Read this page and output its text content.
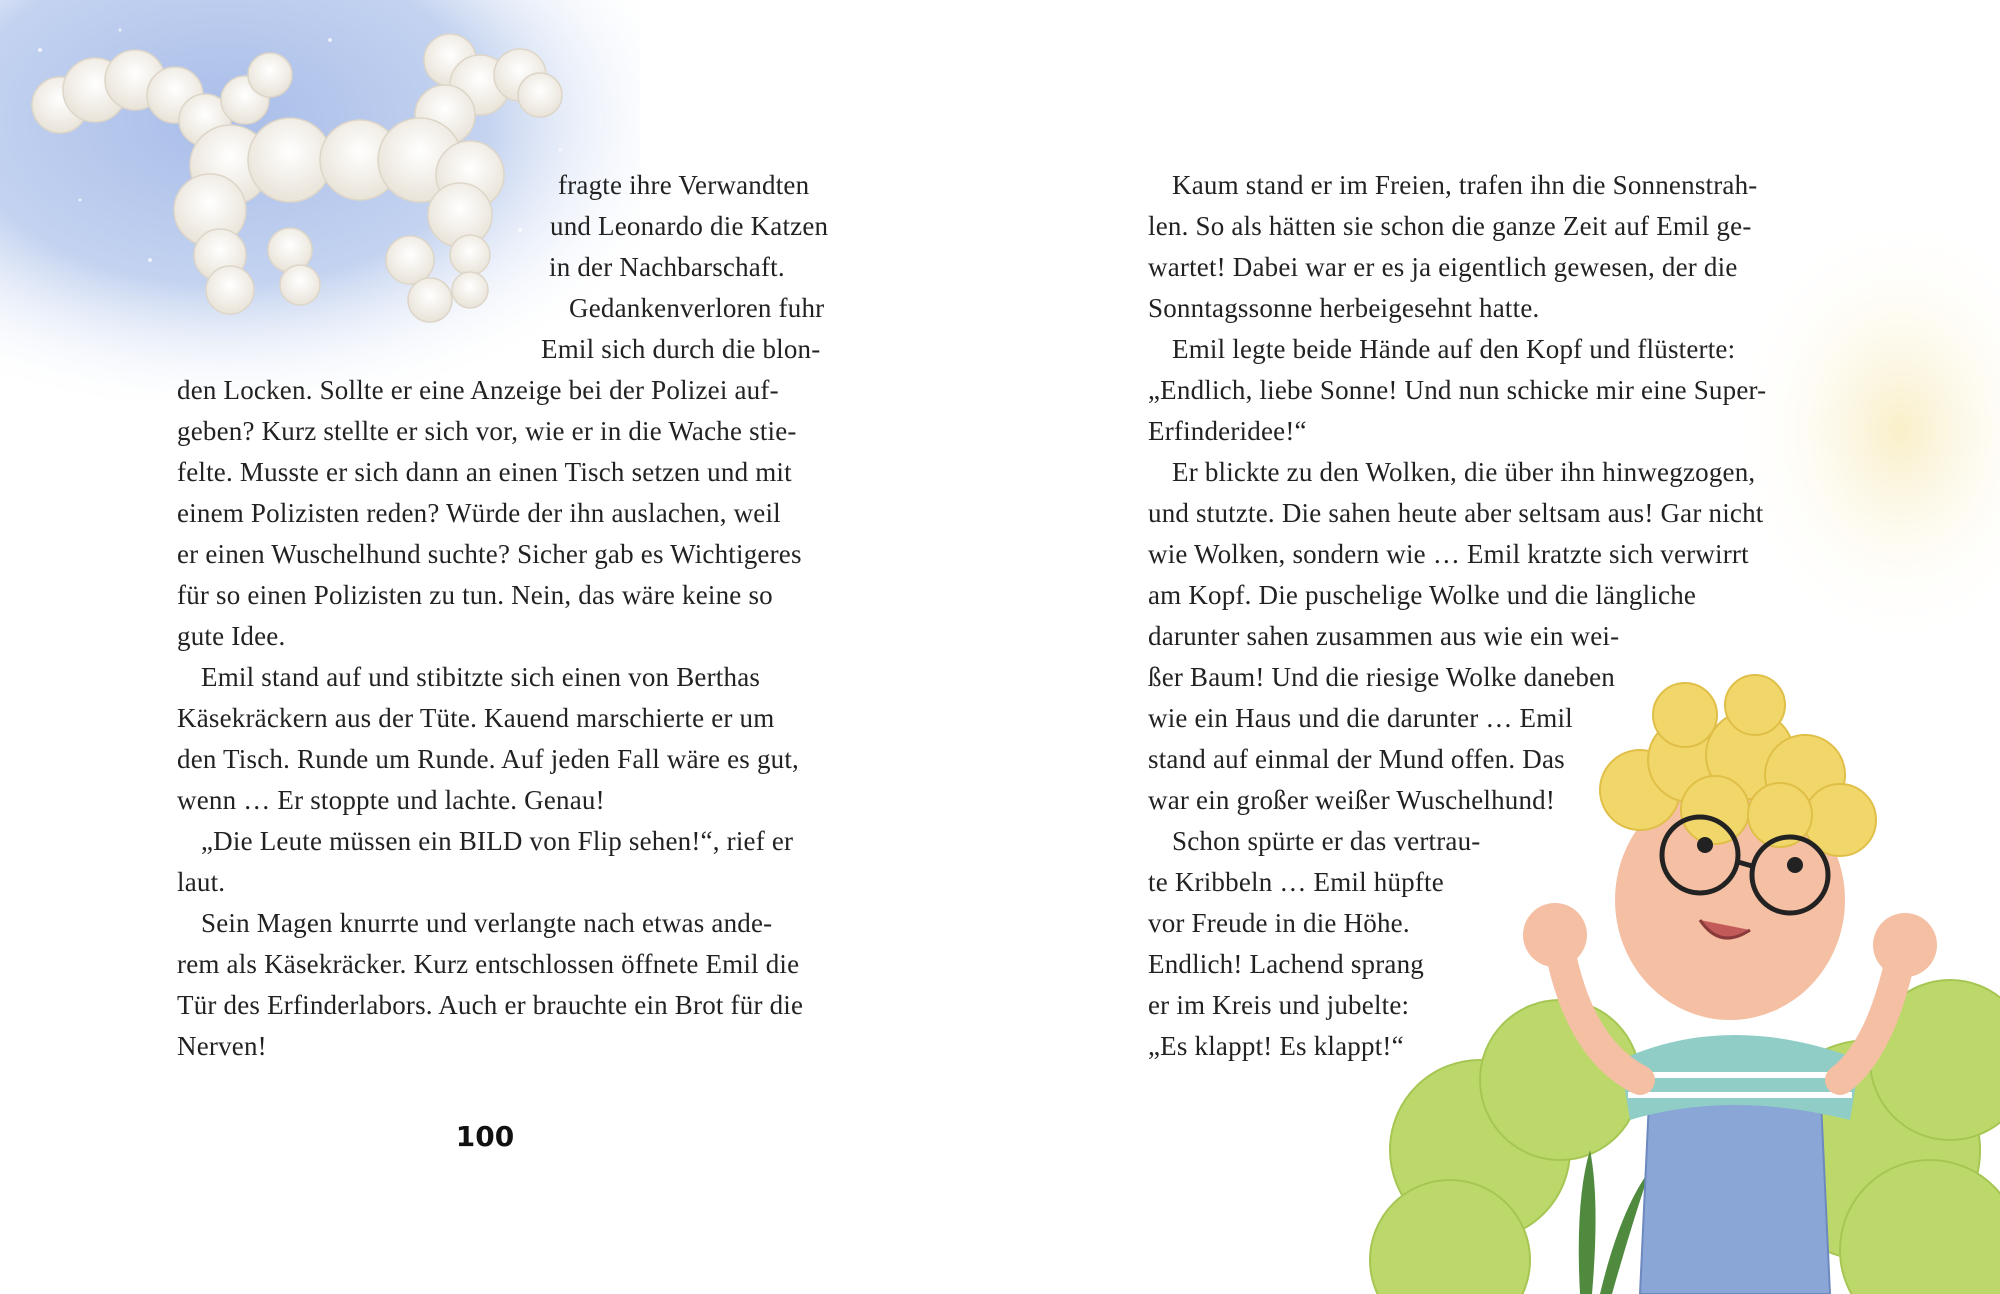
fragte ihre Verwandten
und Leonardo die Katzen
in der Nachbarschaft.
Gedankenverloren fuhr
Emil sich durch die blon-
den Locken. Sollte er eine Anzeige bei der Polizei auf-
geben? Kurz stellte er sich vor, wie er in die Wache stie-
felte. Musste er sich dann an einen Tisch setzen und mit
einem Polizisten reden? Würde der ihn auslachen, weil
er einen Wuschelhund suchte? Sicher gab es Wichtigeres
für so einen Polizisten zu tun. Nein, das wäre keine so
gute Idee.
Emil stand auf und stibitzte sich einen von Berthas
Käsekräckern aus der Tüte. Kauend marschierte er um
den Tisch. Runde um Runde. Auf jeden Fall wäre es gut,
wenn … Er stoppte und lachte. Genau!
„Die Leute müssen ein BILD von Flip sehen!“, rief er
laut.
Sein Magen knurrte und verlangte nach etwas ande-
rem als Käsekräcker. Kurz entschlossen öffnete Emil die
Tür des Erfinderlabors. Auch er brauchte ein Brot für die
Nerven!
100
Kaum stand er im Freien, trafen ihn die Sonnenstrah-
len. So als hätten sie schon die ganze Zeit auf Emil ge-
wartet! Dabei war er es ja eigentlich gewesen, der die
Sonntagssonne herbeigesehnt hatte.
Emil legte beide Hände auf den Kopf und flüsterte:
„Endlich, liebe Sonne! Und nun schicke mir eine Super-
Erfinderidee!“
Er blickte zu den Wolken, die über ihn hinwegzogen,
und stutzte. Die sahen heute aber seltsam aus! Gar nicht
wie Wolken, sondern wie … Emil kratzte sich verwirrt
am Kopf. Die puschelige Wolke und die längliche
darunter sahen zusammen aus wie ein wei-
ßer Baum! Und die riesige Wolke daneben
wie ein Haus und die darunter … Emil
stand auf einmal der Mund offen. Das
war ein großer weißer Wuschelhund!
Schon spürte er das vertrau-
te Kribbeln … Emil hüpfte
vor Freude in die Höhe.
Endlich! Lachend sprang
er im Kreis und jubelte:
„Es klappt! Es klappt!“
